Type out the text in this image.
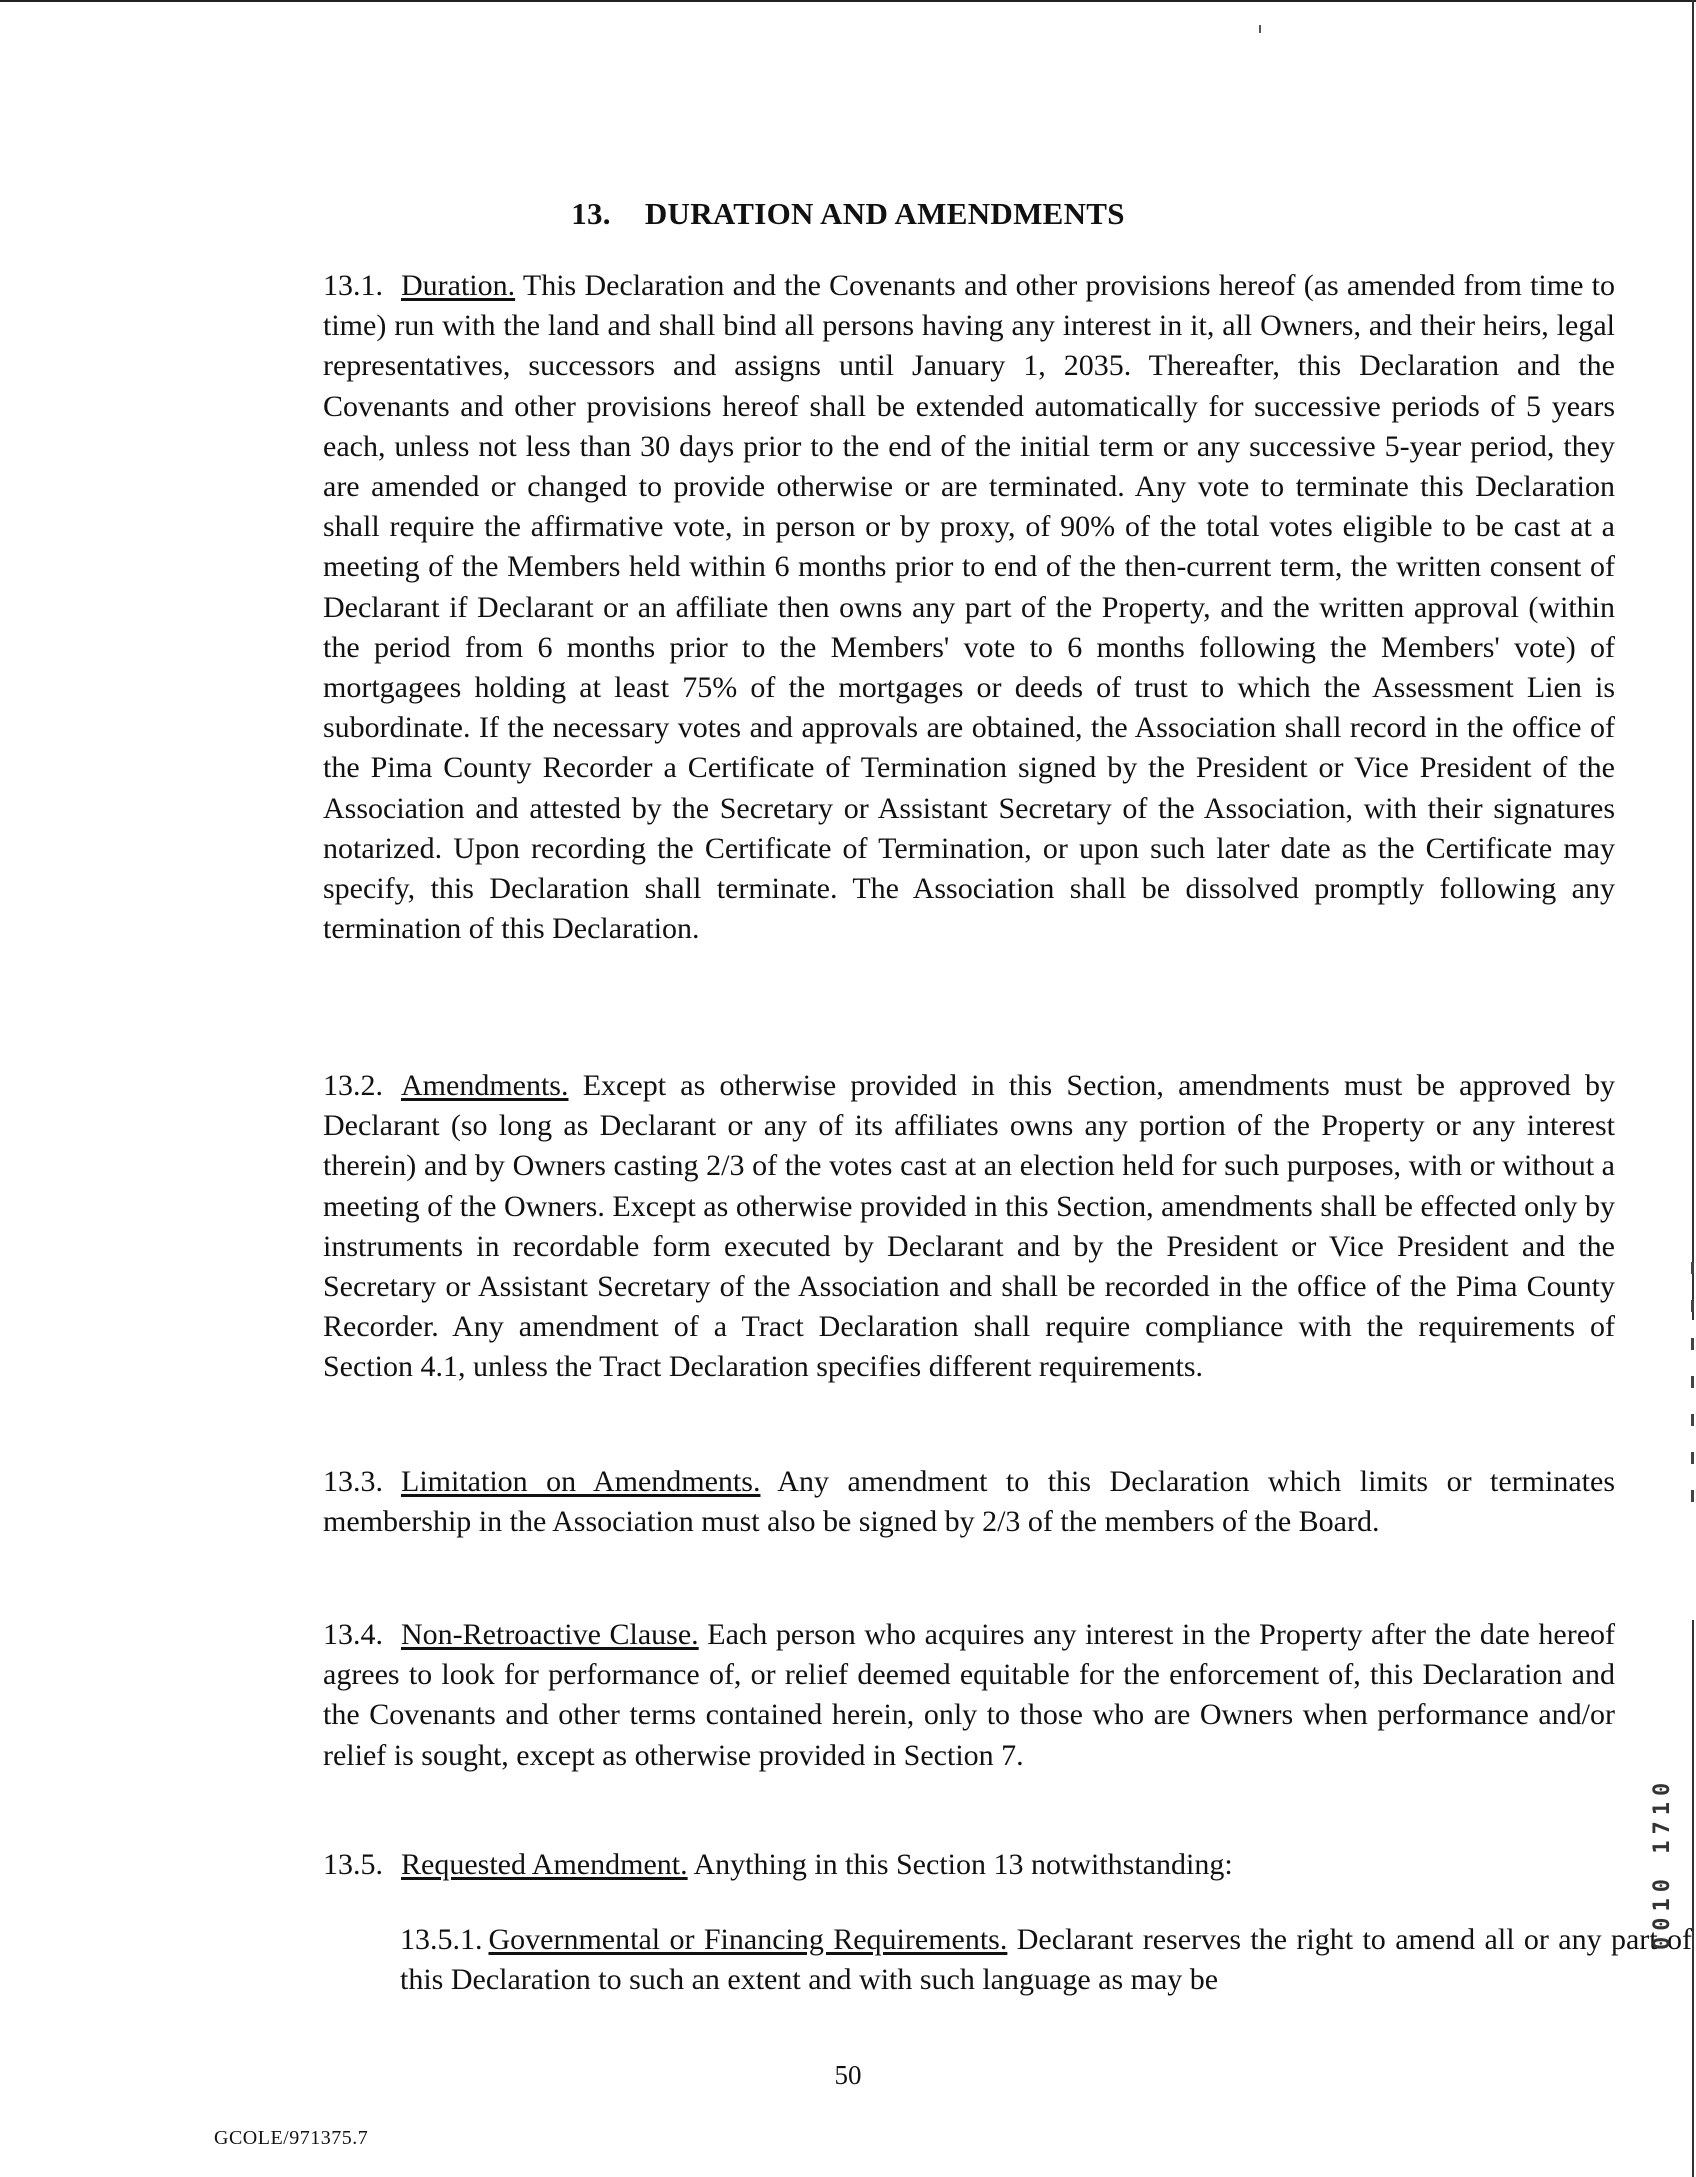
13. DURATION AND AMENDMENTS

13.1. Duration. This Declaration and the Covenants and other provisions hereof (as amended from time to time) run with the land and shall bind all persons having any interest in it, all Owners, and their heirs, legal representatives, successors and assigns until January 1, 2035. Thereafter, this Declaration and the Covenants and other provisions hereof shall be extended automatically for successive periods of 5 years each, unless not less than 30 days prior to the end of the initial term or any successive 5-year period, they are amended or changed to provide otherwise or are terminated. Any vote to terminate this Declaration shall require the affirmative vote, in person or by proxy, of 90% of the total votes eligible to be cast at a meeting of the Members held within 6 months prior to end of the then-current term, the written consent of Declarant if Declarant or an affiliate then owns any part of the Property, and the written approval (within the period from 6 months prior to the Members' vote to 6 months following the Members' vote) of mortgagees holding at least 75% of the mortgages or deeds of trust to which the Assessment Lien is subordinate. If the necessary votes and approvals are obtained, the Association shall record in the office of the Pima County Recorder a Certificate of Termination signed by the President or Vice President of the Association and attested by the Secretary or Assistant Secretary of the Association, with their signatures notarized. Upon recording the Certificate of Termination, or upon such later date as the Certificate may specify, this Declaration shall terminate. The Association shall be dissolved promptly following any termination of this Declaration.

13.2. Amendments. Except as otherwise provided in this Section, amendments must be approved by Declarant (so long as Declarant or any of its affiliates owns any portion of the Property or any interest therein) and by Owners casting 2/3 of the votes cast at an election held for such purposes, with or without a meeting of the Owners. Except as otherwise provided in this Section, amendments shall be effected only by instruments in recordable form executed by Declarant and by the President or Vice President and the Secretary or Assistant Secretary of the Association and shall be recorded in the office of the Pima County Recorder. Any amendment of a Tract Declaration shall require compliance with the requirements of Section 4.1, unless the Tract Declaration specifies different requirements.

13.3. Limitation on Amendments. Any amendment to this Declaration which limits or terminates membership in the Association must also be signed by 2/3 of the members of the Board.

13.4. Non-Retroactive Clause. Each person who acquires any interest in the Property after the date hereof agrees to look for performance of, or relief deemed equitable for the enforcement of, this Declaration and the Covenants and other terms contained herein, only to those who are Owners when performance and/or relief is sought, except as otherwise provided in Section 7.

13.5. Requested Amendment. Anything in this Section 13 notwithstanding:

13.5.1. Governmental or Financing Requirements. Declarant reserves the right to amend all or any part of this Declaration to such an extent and with such language as may be

50
GCOLE/971375.7
0010 1710
